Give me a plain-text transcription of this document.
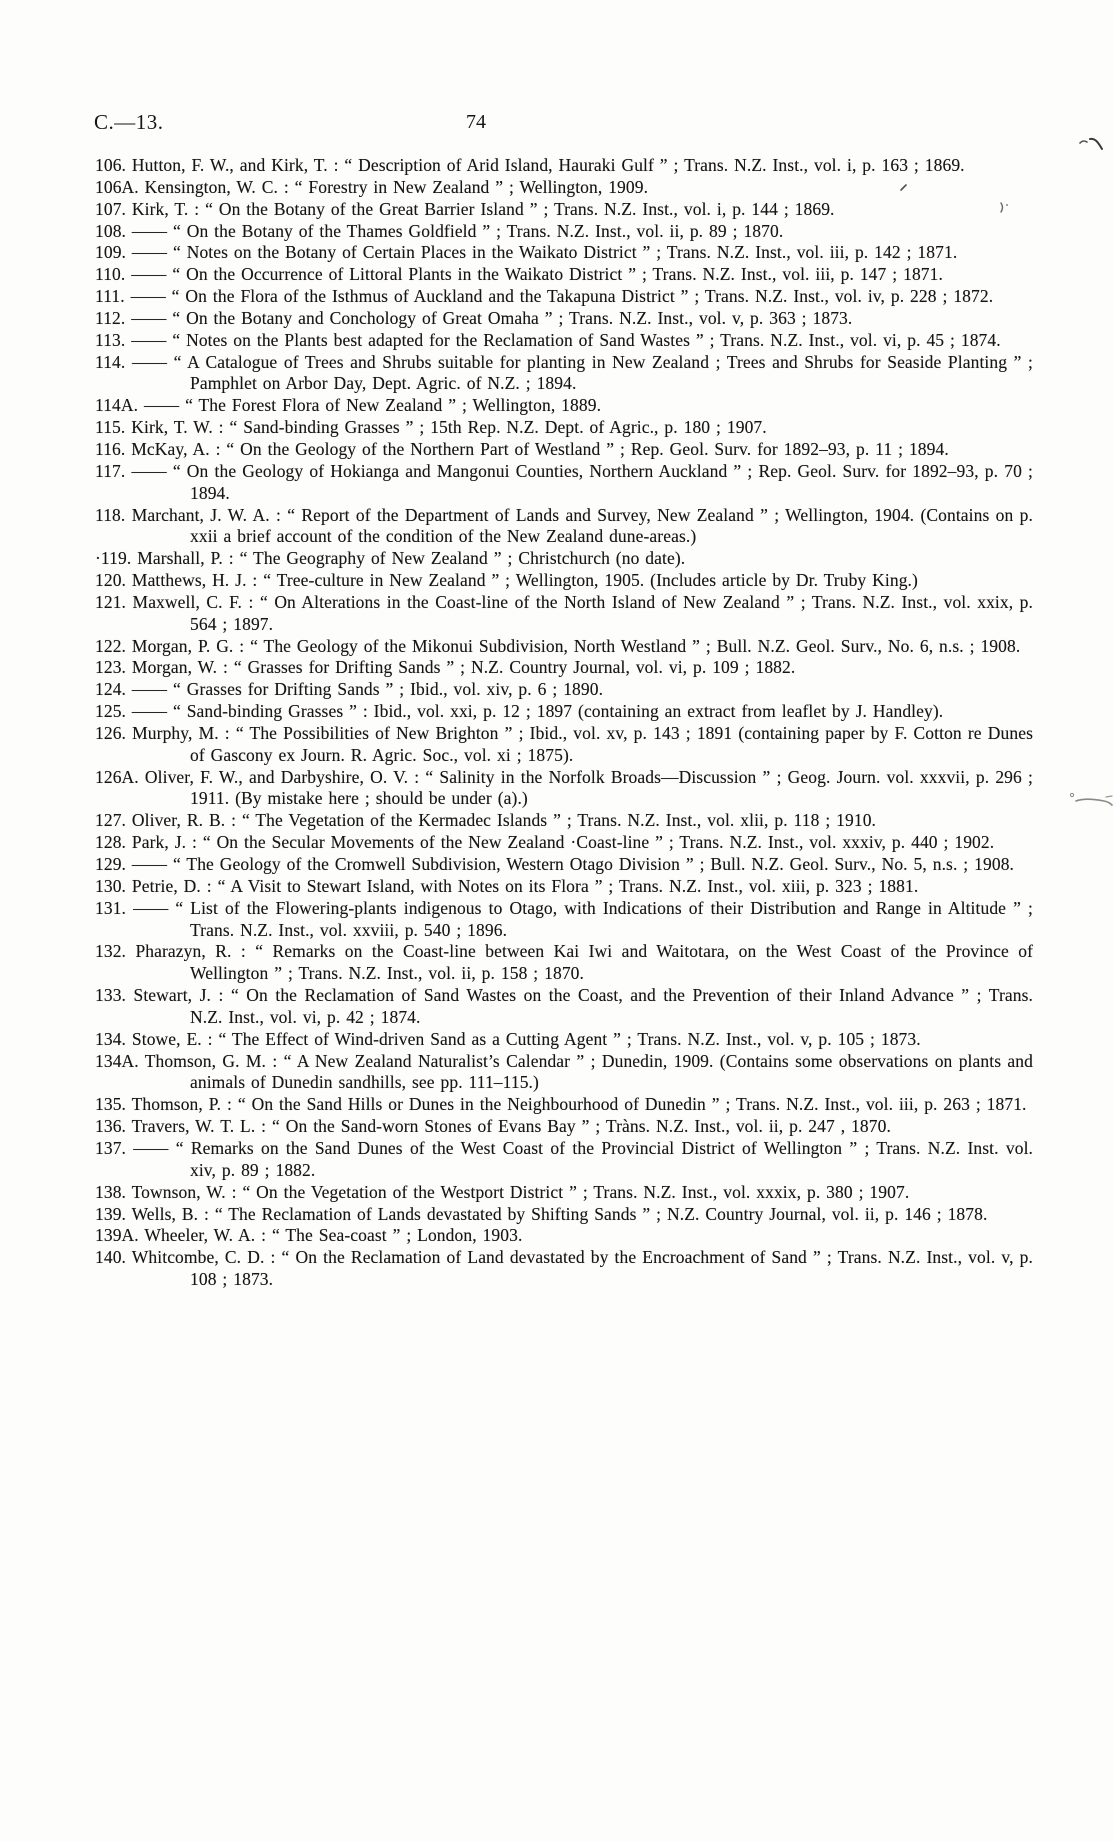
C.—13.	74
106. Hutton, F. W., and Kirk, T. : “ Description of Arid Island, Hauraki Gulf ” ; Trans. N.Z. Inst., vol. i, p. 163 ; 1869.
106A. Kensington, W. C. : “ Forestry in New Zealand ” ; Wellington, 1909.
107. Kirk, T. : “ On the Botany of the Great Barrier Island ” ; Trans. N.Z. Inst., vol. i, p. 144 ; 1869.
108. —— “ On the Botany of the Thames Goldfield ” ; Trans. N.Z. Inst., vol. ii, p. 89 ; 1870.
109. —— “ Notes on the Botany of Certain Places in the Waikato District ” ; Trans. N.Z. Inst., vol. iii, p. 142 ; 1871.
110. —— “ On the Occurrence of Littoral Plants in the Waikato District ” ; Trans. N.Z. Inst., vol. iii, p. 147 ; 1871.
111. —— “ On the Flora of the Isthmus of Auckland and the Takapuna District ” ; Trans. N.Z. Inst., vol. iv, p. 228 ; 1872.
112. —— “ On the Botany and Conchology of Great Omaha ” ; Trans. N.Z. Inst., vol. v, p. 363 ; 1873.
113. —— “ Notes on the Plants best adapted for the Reclamation of Sand Wastes ” ; Trans. N.Z. Inst., vol. vi, p. 45 ; 1874.
114. —— “ A Catalogue of Trees and Shrubs suitable for planting in New Zealand ; Trees and Shrubs for Seaside Planting ” ; Pamphlet on Arbor Day, Dept. Agric. of N.Z. ; 1894.
114A. —— “ The Forest Flora of New Zealand ” ; Wellington, 1889.
115. Kirk, T. W. : “ Sand-binding Grasses ” ; 15th Rep. N.Z. Dept. of Agric., p. 180 ; 1907.
116. McKay, A. : “ On the Geology of the Northern Part of Westland ” ; Rep. Geol. Surv. for 1892–93, p. 11 ; 1894.
117. —— “ On the Geology of Hokianga and Mangonui Counties, Northern Auckland ” ; Rep. Geol. Surv. for 1892–93, p. 70 ; 1894.
118. Marchant, J. W. A. : “ Report of the Department of Lands and Survey, New Zealand ” ; Wellington, 1904. (Contains on p. xxii a brief account of the condition of the New Zealand dune-areas.)
·119. Marshall, P. : “ The Geography of New Zealand ” ; Christchurch (no date).
120. Matthews, H. J. : “ Tree-culture in New Zealand ” ; Wellington, 1905. (Includes article by Dr. Truby King.)
121. Maxwell, C. F. : “ On Alterations in the Coast-line of the North Island of New Zealand ” ; Trans. N.Z. Inst., vol. xxix, p. 564 ; 1897.
122. Morgan, P. G. : “ The Geology of the Mikonui Subdivision, North Westland ” ; Bull. N.Z. Geol. Surv., No. 6, n.s. ; 1908.
123. Morgan, W. : “ Grasses for Drifting Sands ” ; N.Z. Country Journal, vol. vi, p. 109 ; 1882.
124. —— “ Grasses for Drifting Sands ” ; Ibid., vol. xiv, p. 6 ; 1890.
125. —— “ Sand-binding Grasses ” : Ibid., vol. xxi, p. 12 ; 1897 (containing an extract from leaflet by J. Handley).
126. Murphy, M. : “ The Possibilities of New Brighton ” ; Ibid., vol. xv, p. 143 ; 1891 (containing paper by F. Cotton re Dunes of Gascony ex Journ. R. Agric. Soc., vol. xi ; 1875).
126A. Oliver, F. W., and Darbyshire, O. V. : “ Salinity in the Norfolk Broads—Discussion ” ; Geog. Journ. vol. xxxvii, p. 296 ; 1911. (By mistake here ; should be under (a).)
127. Oliver, R. B. : “ The Vegetation of the Kermadec Islands ” ; Trans. N.Z. Inst., vol. xlii, p. 118 ; 1910.
128. Park, J. : “ On the Secular Movements of the New Zealand ·Coast-line ” ; Trans. N.Z. Inst., vol. xxxiv, p. 440 ; 1902.
129. —— “ The Geology of the Cromwell Subdivision, Western Otago Division ” ; Bull. N.Z. Geol. Surv., No. 5, n.s. ; 1908.
130. Petrie, D. : “ A Visit to Stewart Island, with Notes on its Flora ” ; Trans. N.Z. Inst., vol. xiii, p. 323 ; 1881.
131. —— “ List of the Flowering-plants indigenous to Otago, with Indications of their Distribution and Range in Altitude ” ; Trans. N.Z. Inst., vol. xxviii, p. 540 ; 1896.
132. Pharazyn, R. : “ Remarks on the Coast-line between Kai Iwi and Waitotara, on the West Coast of the Province of Wellington ” ; Trans. N.Z. Inst., vol. ii, p. 158 ; 1870.
133. Stewart, J. : “ On the Reclamation of Sand Wastes on the Coast, and the Prevention of their Inland Advance ” ; Trans. N.Z. Inst., vol. vi, p. 42 ; 1874.
134. Stowe, E. : “ The Effect of Wind-driven Sand as a Cutting Agent ” ; Trans. N.Z. Inst., vol. v, p. 105 ; 1873.
134A. Thomson, G. M. : “ A New Zealand Naturalist’s Calendar ” ; Dunedin, 1909. (Contains some observations on plants and animals of Dunedin sandhills, see pp. 111–115.)
135. Thomson, P. : “ On the Sand Hills or Dunes in the Neighbourhood of Dunedin ” ; Trans. N.Z. Inst., vol. iii, p. 263 ; 1871.
136. Travers, W. T. L. : “ On the Sand-worn Stones of Evans Bay ” ; Tràns. N.Z. Inst., vol. ii, p. 247 , 1870.
137. —— “ Remarks on the Sand Dunes of the West Coast of the Provincial District of Wellington ” ; Trans. N.Z. Inst. vol. xiv, p. 89 ; 1882.
138. Townson, W. : “ On the Vegetation of the Westport District ” ; Trans. N.Z. Inst., vol. xxxix, p. 380 ; 1907.
139. Wells, B. : “ The Reclamation of Lands devastated by Shifting Sands ” ; N.Z. Country Journal, vol. ii, p. 146 ; 1878.
139A. Wheeler, W. A. : “ The Sea-coast ” ; London, 1903.
140. Whitcombe, C. D. : “ On the Reclamation of Land devastated by the Encroachment of Sand ” ; Trans. N.Z. Inst., vol. v, p. 108 ; 1873.
